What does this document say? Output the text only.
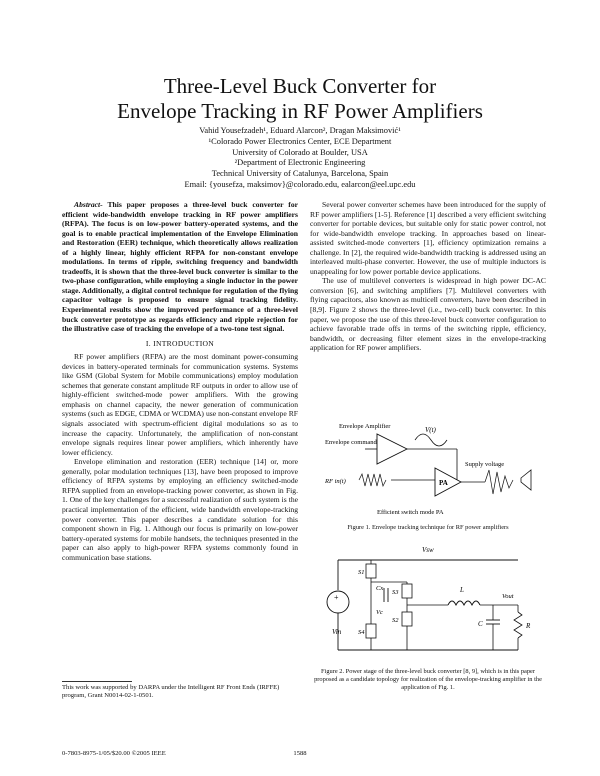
Three-Level Buck Converter for
Envelope Tracking in RF Power Amplifiers
Vahid Yousefzadeh¹, Eduard Alarcon², Dragan Maksimović¹
¹Colorado Power Electronics Center, ECE Department
University of Colorado at Boulder, USA
²Department of Electronic Engineering
Technical University of Catalunya, Barcelona, Spain
Email: {yousefza, maksimov}@colorado.edu, ealarcon@eel.upc.edu

Abstract- This paper proposes a three-level buck converter for efficient wide-bandwidth envelope tracking in RF power amplifiers (RFPA). The focus is on low-power battery-operated systems, and the goal is to enable practical implementation of the Envelope Elimination and Restoration (EER) technique, which theoretically allows realization of a highly linear, highly efficient RFPA for non-constant envelope modulations. In terms of ripple, switching frequency and bandwidth tradeoffs, it is shown that the three-level buck converter is similar to the two-phase configuration, while employing a single inductor in the power stage. Additionally, a digital control technique for regulation of the flying capacitor voltage is proposed to ensure signal tracking fidelity. Experimental results show the improved performance of a three-level buck converter prototype as regards efficiency and ripple rejection for the illustrative case of tracking the envelope of a two-tone test signal.

I. INTRODUCTION

RF power amplifiers (RFPA) are the most dominant power-consuming devices in battery-operated terminals for communication systems. Systems like GSM (Global System for Mobile communications) employ modulation schemes that generate constant amplitude RF outputs in order to allow use of highly-efficient switched-mode power amplifiers. With the growing emphasis on channel capacity, the newer generation of communication systems (such as EDGE, CDMA or WCDMA) use non-constant envelope RF signals associated with spectrum-efficient digital modulations so as to increase the capacity. Unfortunately, the amplification of non-constant envelope signals requires linear power amplifiers, which inherently have lower efficiency.

Envelope elimination and restoration (EER) technique [14] or, more generally, polar modulation techniques [13], have been proposed to improve efficiency of RFPA systems by employing an efficiency switched-mode RFPA supplied from an envelope-tracking power converter, as shown in Fig. 1. One of the key challenges for a successful realization of such system is the practical implementation of the efficient, wide bandwidth envelope-tracking power converter. This paper describes a candidate solution for this component shown in Fig. 1. Although our focus is primarily on low-power battery-operated systems for mobile handsets, the techniques presented in the paper can also apply to high-power RFPA systems commonly found in communication base stations.

Several power converter schemes have been introduced for the supply of RF power amplifiers [1-5]. Reference [1] described a very efficient switching converter for portable devices, but suitable only for static power control, not for wide-bandwidth envelope tracking. In approaches based on linear-assisted switched-mode converters [1], efficiency optimization remains a challenge. In [2], the required wide-bandwidth tracking is addressed using an interleaved multi-phase converter. However, the use of multiple inductors is unappealing for low power portable device applications.

The use of multilevel converters is widespread in high power DC-AC conversion [6], and switching amplifiers [7]. Multilevel converters with flying capacitors, also known as multicell converters, have been described in [8,9]. Figure 2 shows the three-level (i.e., two-cell) buck converter. In this paper, we propose the use of this three-level buck converter configuration to achieve favorable trade offs in terms of the switching ripple, efficiency, bandwidth, or decreasing filter element sizes in the envelope-tracking application for RF power amplifiers.

Envelope Amplifier
Envelope command
V(t)
Supply voltage
RF in(t)	PA
Efficient switch mode PA
Figure 1. Envelope tracking technique for RF power amplifiers
+
Vin
S1
S4
S3
S2
Cx
Vc
Vsw
L
C	R
Vout
Figure 2. Power stage of the three-level buck converter [8, 9], which is in this paper proposed as a candidate topology for realization of the envelope-tracking amplifier in the application of Fig. 1.
This work was supported by DARPA under the Intelligent RF Front Ends (IRFFE) program, Grant N0014-02-1-0501.
0-7803-8975-1/05/$20.00 ©2005 IEEE	1588
